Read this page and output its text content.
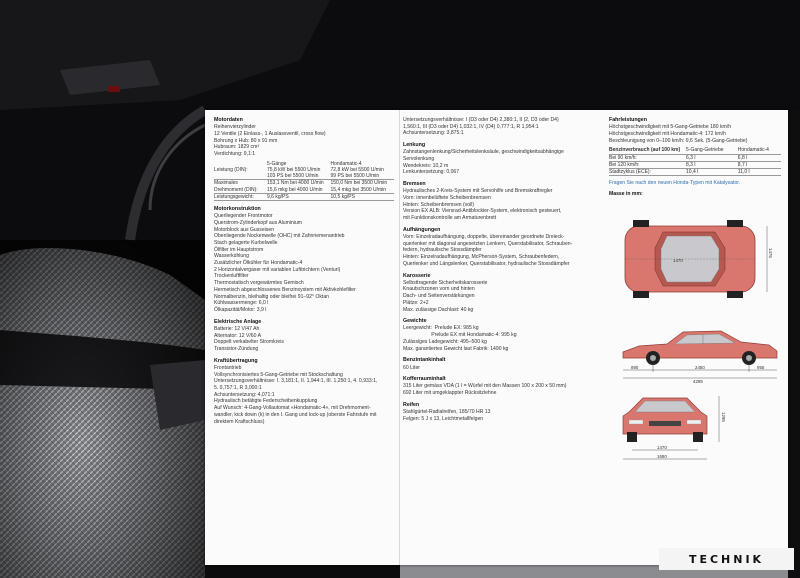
Motordaten
Reihenvierzylinder
12 Ventile (2 Einlass-, 1 Auslassventil, cross flow)
Bohrung x Hub: 80 x 91 mm
Hubraum: 1829 cm³
Verdichtung: 9,1:1
	5-Gänge	Hondamatic-4
Leistung (DIN):	75,8 kW bei 5500 U/min	72,8 kW bei 5500 U/min
	103 PS bei 5500 U/min	99 PS bei 5500 U/min
Maximales	153,1 Nm bei 4000 U/min	150,0 Nm bei 3500 U/min
Drehmoment (DIN):	15,6 mkg bei 4000 U/min	15,4 mkg bei 3500 U/min
Leistungsgewicht:	9,6 kg/PS	10,5 kg/PS
Motorkonstruktion
Querliegender Frontmotor
Querstrom-Zylinderkopf aus Aluminium
Motorblock aus Gusseisen
Obenliegende Nockenwelle (OHC) mit Zahnriemenantrieb
Stach gelagerte Kurbelwelle
Ölfilter im Hauptstrom
Wasserkühlung
Zusätzlicher Ölkühler für Hondamatic-4
2 Horizontalvergaser mit variablen Lufttrichtern (Venturi)
Trockenluftfilter
Thermostatisch vorgewärmtes Gemisch
Hermetisch abgeschlossenes Benzinsystem mit Aktivkohlefilter
Normalbenzin, bleihaltig oder bleifrei 91–92° Oktan
Kühlwassermenge: 6,0 l
Ölkapazität/Motor: 3,9 l
Elektrische Anlage
Batterie: 12 V/47 Ah
Alternator: 12 V/60 A
Doppelt verkabelter Stromkreis
Transistor-Zündung
Kraftübertragung
Frontantrieb
Vollsynchronisiertes 5-Gang-Getriebe mit Stockschaltung
Untersetzungsverhältnisse: I. 3,181:1, II. 1,944:1, III. 1,250:1, 4. 0,933:1,
5. 0,757:1, R 3,000:1
Achsuntersetzung: 4,071:1
Hydraulisch betätigte Federscheibenkupplung
Auf Wunsch: 4-Gang-Vollautomat «Hondamatic-4», mit Drehmoment-
wandler, kick down (k) in den I. Gang und lock-up (oberste Fahrstufe mit
direktem Kraftschluss)
Untersetzungsverhältnisse: I (D3 oder D4) 2,380:1, II (2, D3 oder D4)
1,560:1, III (D3 oder D4) 1,032:1, IV (D4) 0,777:1, R 1,954:1
Achsuntersetzung: 3,875:1
Lenkung
Zahnstangenlenkung/Sicherheitslenksäule, geschwindigkeitsabhängige
Servolenkung
Wendekreis: 10,2 m
Lenkuntersetzung: 0,067
Bremsen
Hydraulisches 2-Kreis-System mit Servohilfe und Bremskraftregler
Vorn: innenbelüftete Scheibenbremsen
Hinten: Scheibenbremsen (voll)
Version EX ALB: Viersrad-Antiblockier-System, elektronisch gesteuert,
mit Funktionskontrolle am Armaturenbrett
Aufhängungen
Vorn: Einzelradaufhängung, doppelte, übereinander geordnete Dreieck-
querlenker mit diagonal angesetzten Lenkern, Querstabilisator, Schrauben-
federn, hydraulische Stossdämpfer
Hinten: Einzelradaufhängung, McPherson-System, Schraubenfedern,
Querlenker und Längslenker, Querstabilisator, hydraulische Stossdämpfer
Karosserie
Selbsttragende Sicherheitskarosserie
Knautschzonen vorn und hinten
Dach- und Seitenverstärkungen
Plätze: 2+2
Max. zulässige Dachlast: 40 kg
Gewichte
Leergewicht:  Prelude EX: 985 kg
Prelude EX mit Hondamatic-4: 995 kg
Zulässiges Ladegewicht: 495–500 kg
Max. garantiertes Gewicht laut Fabrik: 1490 kg
Benzintankinhalt
60 Liter
Kofferrauminhalt
315 Liter gemäss VDA (1 l = Würfel mit den Massen 100 x 200 x 50 mm)
692 Liter mit umgeklappter Rücksitzlehne
Reifen
Stahlgürtel-Radialreifen, 185/70 HR 13
Felgen: 5 J x 13, Leichtmetallfelgen
Fahrleistungen
Höchstgeschwindigkeit mit 5-Gang-Getriebe 180 km/h
Höchstgeschwindigkeit mit Hondamatic-4: 172 km/h
Beschleunigung von 0–100 km/h: 9,6 Sek. (5-Gang-Getriebe)
Benzinverbrauch (auf 100 km)	5-Gang-Getriebe	Hondamatic-4
Bei 90 km/h:	6,3 l	6,8 l
Bei 120 km/h:	8,3 l	8,7 l
Stadtzyklus (ECE):	10,4 l	11,0 l
Fragen Sie nach den neuen Honda-Typen mit Katalysator.
Masse in mm:
1475
1470
890	2450	955
4295
1295
1470
1690
TECHNIK
